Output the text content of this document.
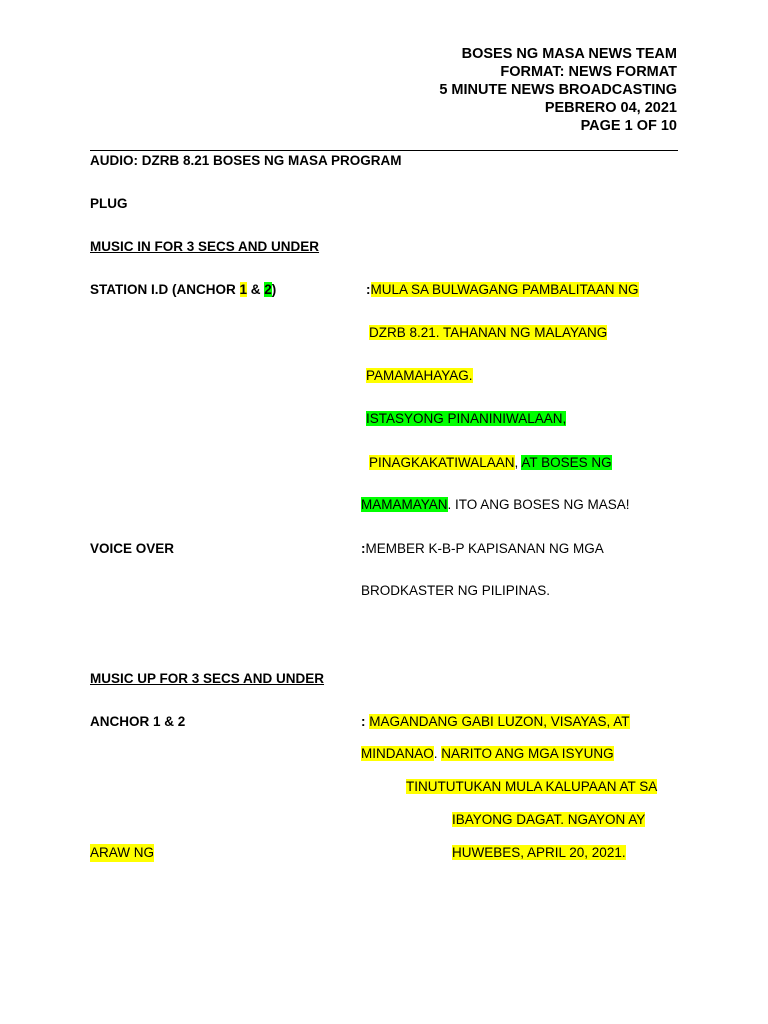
BOSES NG MASA NEWS TEAM
FORMAT: NEWS FORMAT
5 MINUTE NEWS BROADCASTING
PEBRERO 04, 2021
PAGE 1 OF 10
AUDIO: DZRB 8.21 BOSES NG MASA PROGRAM
PLUG
MUSIC IN FOR 3 SECS AND UNDER
STATION I.D (ANCHOR 1 & 2)
VOICE OVER
MUSIC UP FOR 3 SECS AND UNDER
ANCHOR 1 & 2
ARAW NG
:MULA SA BULWAGANG PAMBALITAAN NG
DZRB 8.21. TAHANAN NG MALAYANG
PAMAMAHAYAG.
ISTASYONG PINANINIWALAAN,
PINAGKAKATIWALAAN, AT BOSES NG
MAMAMAYAN. ITO ANG BOSES NG MASA!
:MEMBER K-B-P KAPISANAN NG MGA
BRODKASTER NG PILIPINAS.
: MAGANDANG GABI LUZON, VISAYAS, AT
MINDANAO. NARITO ANG MGA ISYUNG
TINUTUTUKAN MULA KALUPAAN AT SA
IBAYONG DAGAT. NGAYON AY
HUWEBES, APRIL 20, 2021.
